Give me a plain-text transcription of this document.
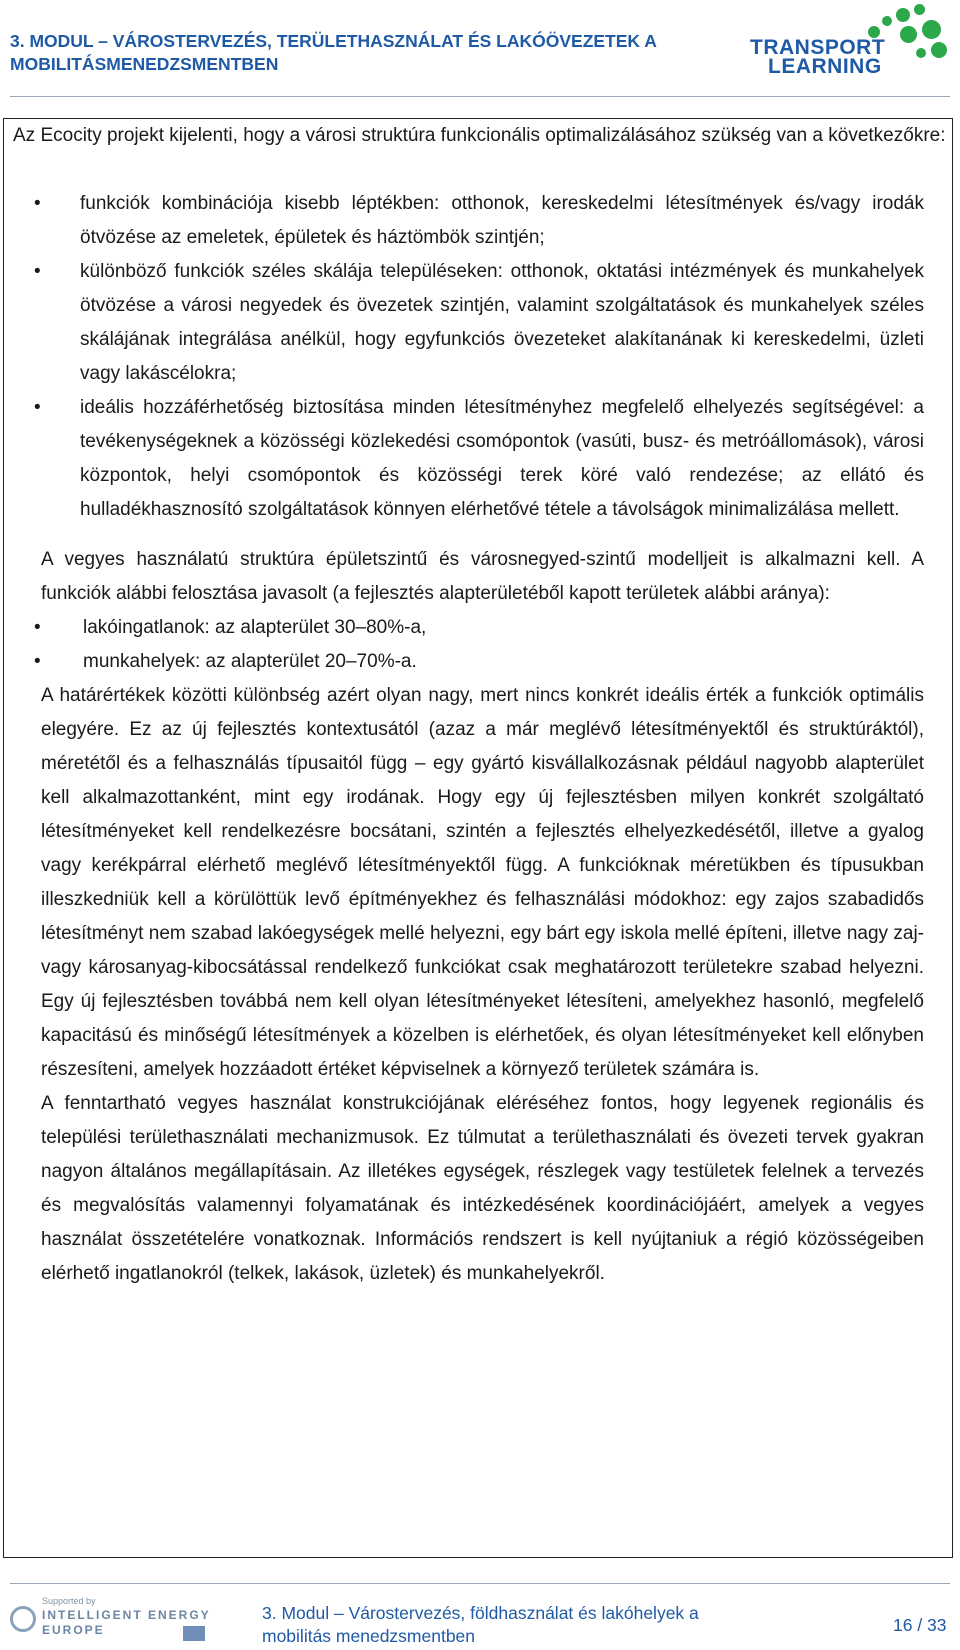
3. MODUL – VÁROSTERVEZÉS, TERÜLETHASZNÁLAT ÉS LAKÓÖVEZETEK A
MOBILITÁSMENEDZSMENTBEN
TRANSPORT
LEARNING
Az Ecocity projekt kijelenti, hogy a városi struktúra funkcionális optimalizálásához szükség van a következőkre:
• funkciók kombinációja kisebb léptékben: otthonok, kereskedelmi létesítmények és/vagy irodák ötvözése az emeletek, épületek és háztömbök szintjén;
• különböző funkciók széles skálája településeken: otthonok, oktatási intézmények és munkahelyek ötvözése a városi negyedek és övezetek szintjén, valamint szolgáltatások és munkahelyek széles skálájának integrálása anélkül, hogy egyfunkciós övezeteket alakítanának ki kereskedelmi, üzleti vagy lakáscélokra;
• ideális hozzáférhetőség biztosítása minden létesítményhez megfelelő elhelyezés segítségével: a tevékenységeknek a közösségi közlekedési csomópontok (vasúti, busz- és metróállomások), városi központok, helyi csomópontok és közösségi terek köré való rendezése; az ellátó és hulladékhasznosító szolgáltatások könnyen elérhetővé tétele a távolságok minimalizálása mellett.

A vegyes használatú struktúra épületszintű és városnegyed-szintű modelljeit is alkalmazni kell. A funkciók alábbi felosztása javasolt (a fejlesztés alapterületéből kapott területek alábbi aránya):

• lakóingatlanok: az alapterület 30–80%-a,
• munkahelyek: az alapterület 20–70%-a.

A határértékek közötti különbség azért olyan nagy, mert nincs konkrét ideális érték a funkciók optimális elegyére. Ez az új fejlesztés kontextusától (azaz a már meglévő létesítményektől és struktúráktól), méretétől és a felhasználás típusaitól függ – egy gyártó kisvállalkozásnak például nagyobb alapterület kell alkalmazottanként, mint egy irodának. Hogy egy új fejlesztésben milyen konkrét szolgáltató létesítményeket kell rendelkezésre bocsátani, szintén a fejlesztés elhelyezkedésétől, illetve a gyalog vagy kerékpárral elérhető meglévő létesítményektől függ. A funkcióknak méretükben és típusukban illeszkedniük kell a körülöttük levő építményekhez és felhasználási módokhoz: egy zajos szabadidős létesítményt nem szabad lakóegységek mellé helyezni, egy bárt egy iskola mellé építeni, illetve nagy zaj- vagy károsanyag-kibocsátással rendelkező funkciókat csak meghatározott területekre szabad helyezni. Egy új fejlesztésben továbbá nem kell olyan létesítményeket létesíteni, amelyekhez hasonló, megfelelő kapacitású és minőségű létesítmények a közelben is elérhetőek, és olyan létesítményeket kell előnyben részesíteni, amelyek hozzáadott értéket képviselnek a környező területek számára is.

A fenntartható vegyes használat konstrukciójának eléréséhez fontos, hogy legyenek regionális és települési területhasználati mechanizmusok. Ez túlmutat a területhasználati és övezeti tervek gyakran nagyon általános megállapításain. Az illetékes egységek, részlegek vagy testületek felelnek a tervezés és megvalósítás valamennyi folyamatának és intézkedésének koordinációjáért, amelyek a vegyes használat összetételére vonatkoznak. Információs rendszert is kell nyújtaniuk a régió közösségeiben elérhető ingatlanokról (telkek, lakások, üzletek) és munkahelyekről.

Supported by
INTELLIGENT ENERGY
EUROPE
3. Modul – Várostervezés, földhasználat és lakóhelyek a
mobilitás menedzsmentben
16 / 33
